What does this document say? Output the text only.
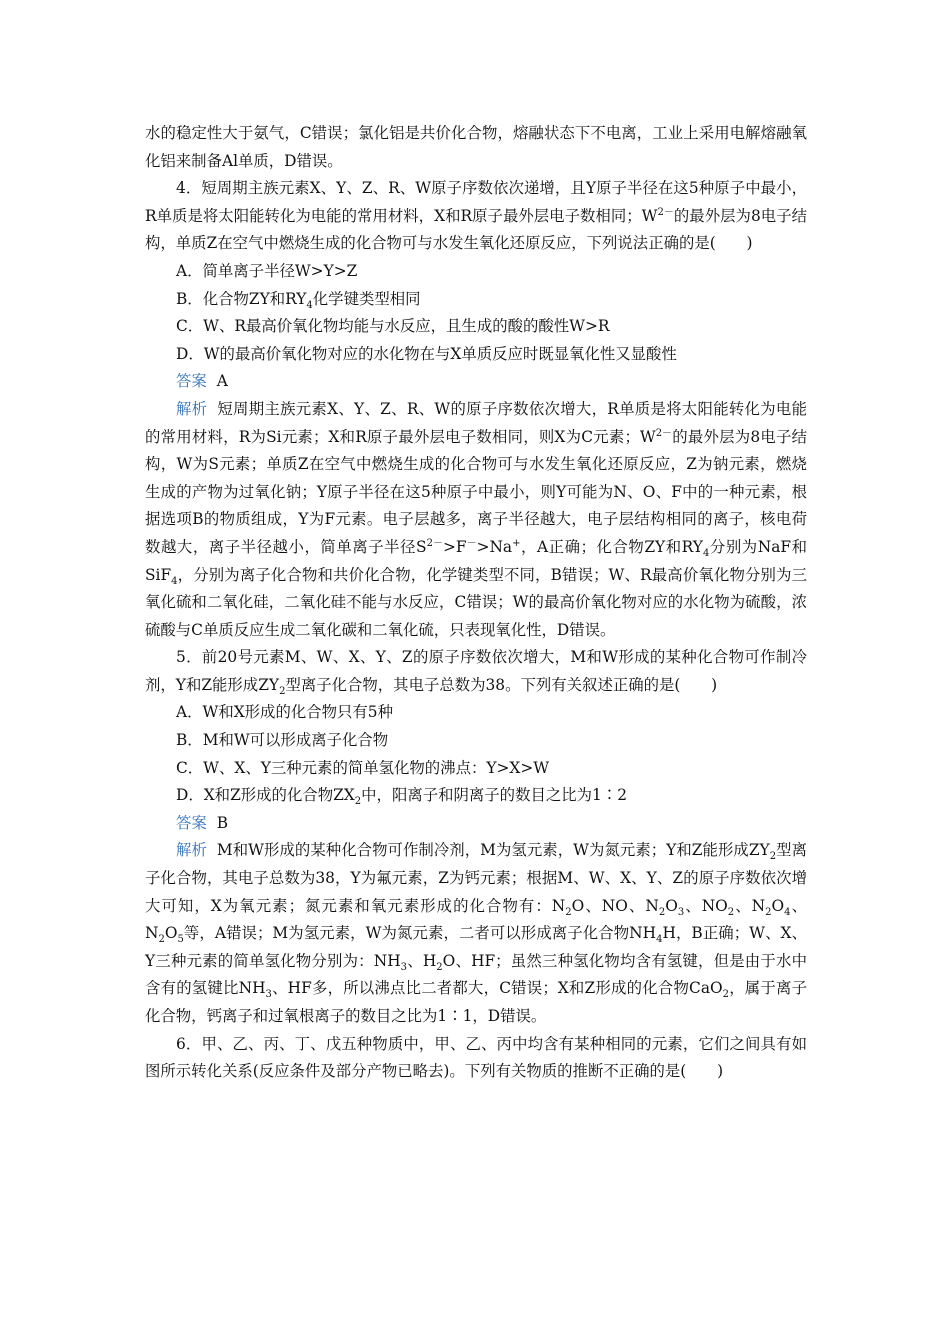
水的稳定性大于氨气，C错误；氯化铝是共价化合物，熔融状态下不电离，工业上采用电解熔融氧化铝来制备Al单质，D错误。

4．短周期主族元素X、Y、Z、R、W原子序数依次递增，且Y原子半径在这5种原子中最小，R单质是将太阳能转化为电能的常用材料，X和R原子最外层电子数相同；$W^{2-}$的最外层为8电子结构，单质Z在空气中燃烧生成的化合物可与水发生氧化还原反应，下列说法正确的是(　　)

A．简单离子半径W>Y>Z

B．化合物ZY和$RY_4$化学键类型相同

C．W、R最高价氧化物均能与水反应，且生成的酸的酸性W>R

D．W的最高价氧化物对应的水化物在与X单质反应时既显氧化性又显酸性

答案 A

解析 短周期主族元素X、Y、Z、R、W的原子序数依次增大，R单质是将太阳能转化为电能的常用材料，R为Si元素；X和R原子最外层电子数相同，则X为C元素；$W^{2-}$的最外层为8电子结构，W为S元素；单质Z在空气中燃烧生成的化合物可与水发生氧化还原反应，Z为钠元素，燃烧生成的产物为过氧化钠；Y原子半径在这5种原子中最小，则Y可能为N、O、F中的一种元素，根据选项B的物质组成，Y为F元素。电子层越多，离子半径越大，电子层结构相同的离子，核电荷数越大，离子半径越小，简单离子半径$S^{2-}>F^->Na^+$，A正确；化合物ZY和$RY_4$分别为NaF和SiF$_4$，分别为离子化合物和共价化合物，化学键类型不同，B错误；W、R最高价氧化物分别为三氧化硫和二氧化硅，二氧化硅不能与水反应，C错误；W的最高价氧化物对应的水化物为硫酸，浓硫酸与C单质反应生成二氧化碳和二氧化硫，只表现氧化性，D错误。

5．前20号元素M、W、X、Y、Z的原子序数依次增大，M和W形成的某种化合物可作制冷剂，Y和Z能形成$ZY_2$型离子化合物，其电子总数为38。下列有关叙述正确的是(　　)

A．W和X形成的化合物只有5种

B．M和W可以形成离子化合物

C．W、X、Y三种元素的简单氢化物的沸点：Y>X>W

D．X和Z形成的化合物$ZX_2$中，阳离子和阴离子的数目之比为1∶2

答案 B

解析 M和W形成的某种化合物可作制冷剂，M为氢元素，W为氮元素；Y和Z能形成$ZY_2$型离子化合物，其电子总数为38，Y为氟元素，Z为钙元素；根据M、W、X、Y、Z的原子序数依次增大可知，X为氧元素；氮元素和氧元素形成的化合物有：$N_2O$、NO、$N_2O_3$、$NO_2$、$N_2O_4$、$N_2O_5$等，A错误；M为氢元素，W为氮元素，二者可以形成离子化合物$NH_4H$，B正确；W、X、Y三种元素的简单氢化物分别为：$NH_3$、$H_2O$、HF；虽然三种氢化物均含有氢键，但是由于水中含有的氢键比$NH_3$、HF多，所以沸点比二者都大，C错误；X和Z形成的化合物CaO$_2$，属于离子化合物，钙离子和过氧根离子的数目之比为1∶1，D错误。

6．甲、乙、丙、丁、戊五种物质中，甲、乙、丙中均含有某种相同的元素，它们之间具有如图所示转化关系(反应条件及部分产物已略去)。下列有关物质的推断不正确的是(　　)
